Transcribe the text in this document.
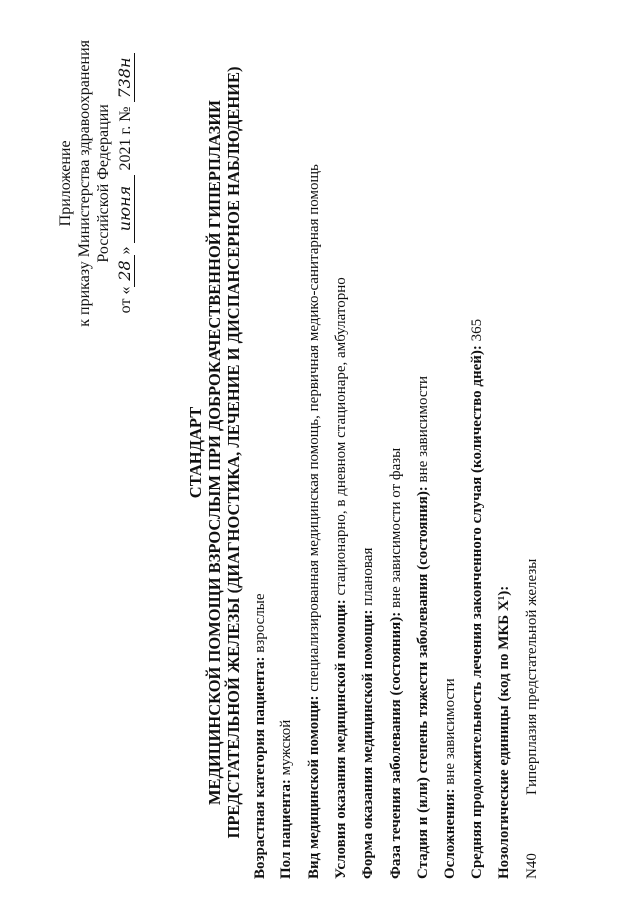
Приложение к приказу Министерства здравоохранения Российской Федерации
от «28» июня 2021 г. № 738н
СТАНДАРТ МЕДИЦИНСКОЙ ПОМОЩИ ВЗРОСЛЫМ ПРИ ДОБРОКАЧЕСТВЕННОЙ ГИПЕРПЛАЗИИ ПРЕДСТАТЕЛЬНОЙ ЖЕЛЕЗЫ (ДИАГНОСТИКА, ЛЕЧЕНИЕ И ДИСПАНСЕРНОЕ НАБЛЮДЕНИЕ) Возрастная категория пациента: взрослые
Пол пациента: мужской Вид медицинской помощи: специализированная медицинская помощь, первичная медико-санитарная помощь
Условия оказания медицинской помощи: стационарно, в дневном стационаре, амбулаторно
Форма оказания медицинской помощи: плановая
Фаза течения заболевания (состояния): вне зависимости от фазы Стадия и (или) степень тяжести заболевания (состояния): вне зависимости
Осложнения: вне зависимости Средняя продолжительность лечения законченного случая (количество дней): 365
Нозологические единицы (код по МКБ X¹): N40Гиперплазия предстательной железы
